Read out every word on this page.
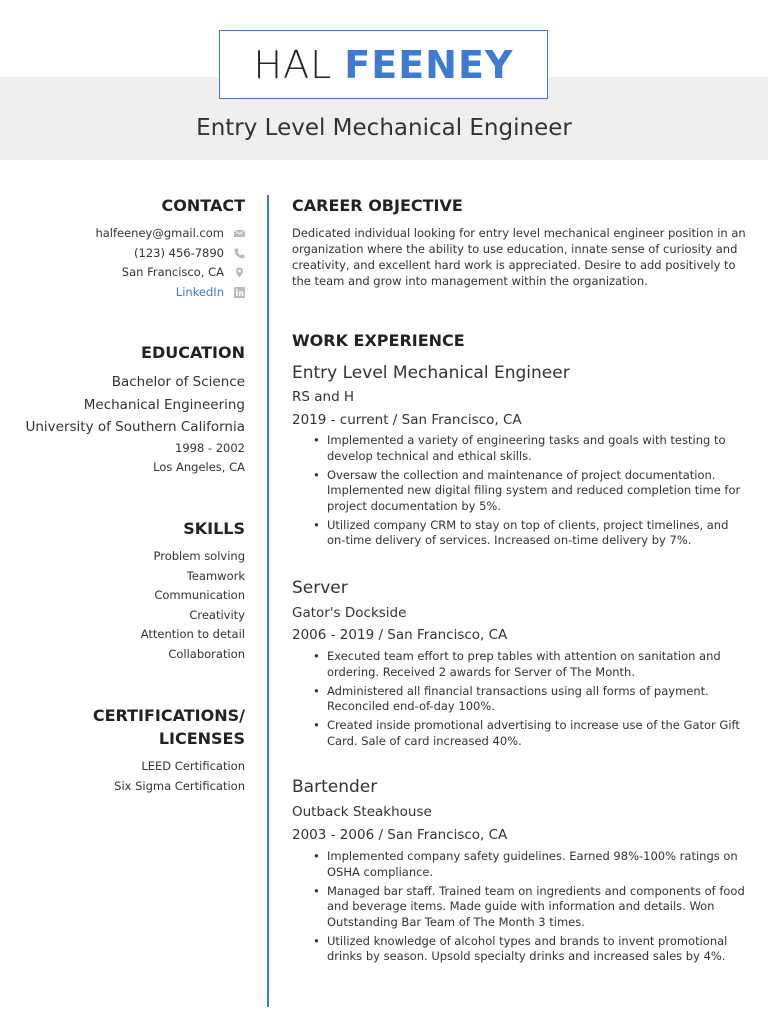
HAL FEENEY
Entry Level Mechanical Engineer
CONTACT
halfeeney@gmail.com
(123) 456-7890
San Francisco, CA
LinkedIn
EDUCATION
Bachelor of Science
Mechanical Engineering
University of Southern California
1998 - 2002
Los Angeles, CA
SKILLS
Problem solving
Teamwork
Communication
Creativity
Attention to detail
Collaboration
CERTIFICATIONS/
LICENSES
LEED Certification
Six Sigma Certification
CAREER OBJECTIVE
Dedicated individual looking for entry level mechanical engineer position in an organization where the ability to use education, innate sense of curiosity and creativity, and excellent hard work is appreciated. Desire to add positively to the team and grow into management within the organization.
WORK EXPERIENCE
Entry Level Mechanical Engineer
RS and H
2019 - current / San Francisco, CA
• Implemented a variety of engineering tasks and goals with testing to develop technical and ethical skills.
• Oversaw the collection and maintenance of project documentation. Implemented new digital filing system and reduced completion time for project documentation by 5%.
• Utilized company CRM to stay on top of clients, project timelines, and on-time delivery of services. Increased on-time delivery by 7%.
Server
Gator's Dockside
2006 - 2019 / San Francisco, CA
• Executed team effort to prep tables with attention on sanitation and ordering. Received 2 awards for Server of The Month.
• Administered all financial transactions using all forms of payment. Reconciled end-of-day 100%.
• Created inside promotional advertising to increase use of the Gator Gift Card. Sale of card increased 40%.
Bartender
Outback Steakhouse
2003 - 2006 / San Francisco, CA
• Implemented company safety guidelines. Earned 98%-100% ratings on OSHA compliance.
• Managed bar staff. Trained team on ingredients and components of food and beverage items. Made guide with information and details. Won Outstanding Bar Team of The Month 3 times.
• Utilized knowledge of alcohol types and brands to invent promotional drinks by season. Upsold specialty drinks and increased sales by 4%.
